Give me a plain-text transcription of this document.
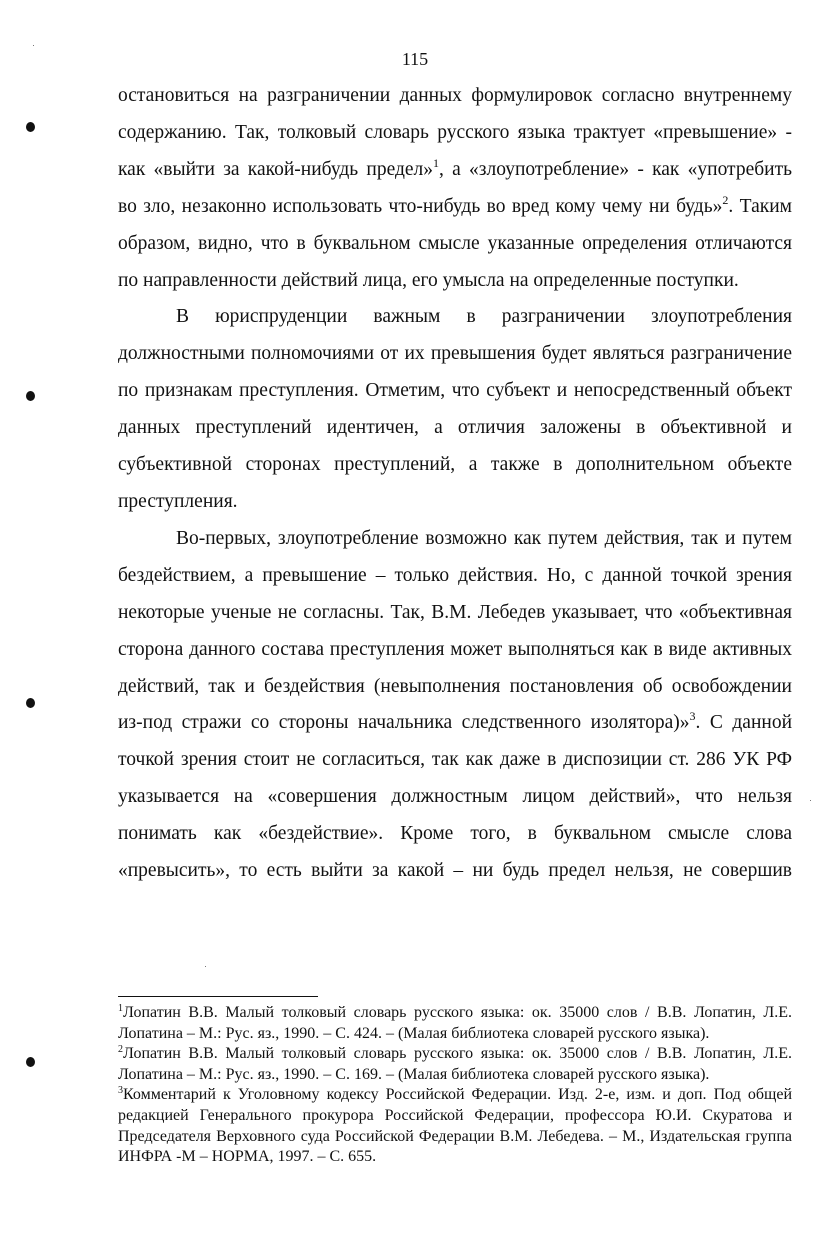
115

остановиться на разграничении данных формулировок согласно внутреннему

содержанию. Так, толковый словарь русского языка трактует «превышение» -

как «выйти за какой-нибудь предел»$^1$, а «злоупотребление» - как «употребить

во зло, незаконно использовать что-нибудь во вред кому чему ни будь»$^2$. Таким

образом, видно, что в буквальном смысле указанные определения отличаются

по направленности действий лица, его умысла на определенные поступки.

В юриспруденции важным в разграничении злоупотребления

должностными полномочиями от их превышения будет являться разграничение

по признакам преступления. Отметим, что субъект и непосредственный объект

данных преступлений идентичен, а отличия заложены в объективной и

субъективной сторонах преступлений, а также в дополнительном объекте

преступления.

Во-первых, злоупотребление возможно как путем действия, так и путем

бездействием, а превышение – только действия. Но, с данной точкой зрения

некоторые ученые не согласны. Так, В.М. Лебедев указывает, что «объективная

сторона данного состава преступления может выполняться как в виде активных

действий, так и бездействия (невыполнения постановления об освобождении

из-под стражи со стороны начальника следственного изолятора)»$^3$. С данной

точкой зрения стоит не согласиться, так как даже в диспозиции ст. 286 УК РФ

указывается на «совершения должностным лицом действий», что нельзя

понимать как «бездействие». Кроме того, в буквальном смысле слова

«превысить», то есть выйти за какой – ни будь предел нельзя, не совершив

$^1$Лопатин В.В. Малый толковый словарь русского языка: ок. 35000 слов / В.В. Лопатин, Л.Е. Лопатина – М.: Рус. яз., 1990. – С. 424. – (Малая библиотека словарей русского языка).

$^2$Лопатин В.В. Малый толковый словарь русского языка: ок. 35000 слов / В.В. Лопатин, Л.Е. Лопатина – М.: Рус. яз., 1990. – С. 169. – (Малая библиотека словарей русского языка).

$^3$Комментарий к Уголовному кодексу Российской Федерации. Изд. 2-е, изм. и доп. Под общей редакцией Генерального прокурора Российской Федерации, профессора Ю.И. Скуратова и Председателя Верховного суда Российской Федерации В.М. Лебедева. – М., Издательская группа ИНФРА -М – НОРМА, 1997. – С. 655.
